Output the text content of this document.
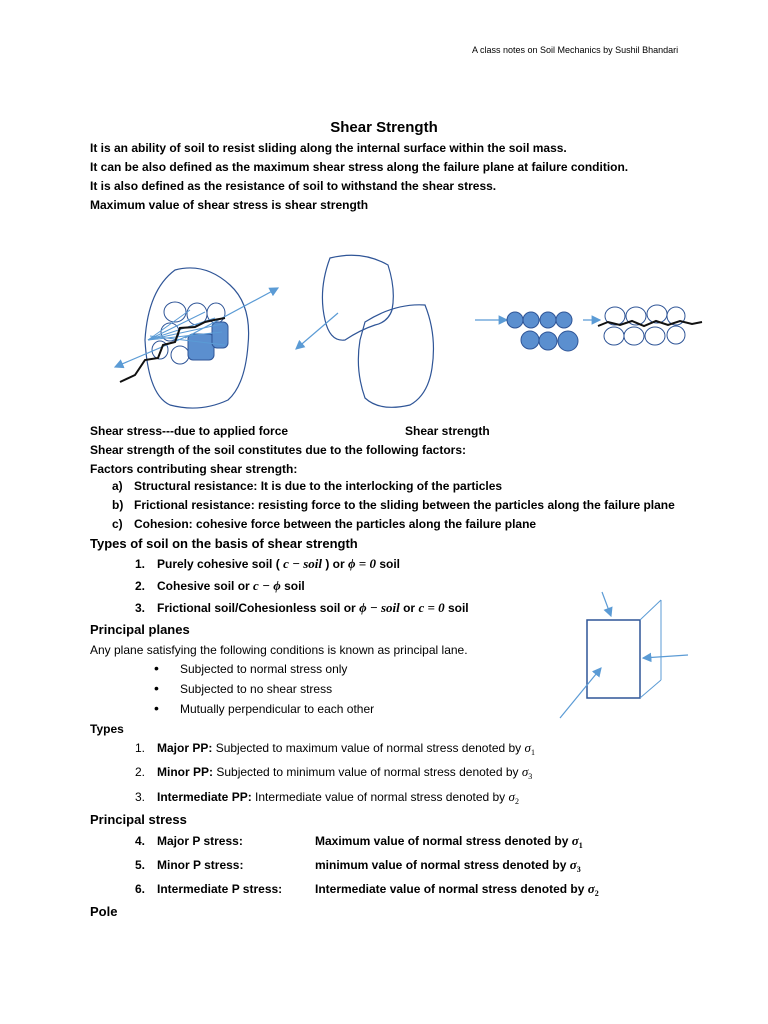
A class notes on Soil Mechanics by Sushil Bhandari
Shear Strength
It is an ability of soil to resist sliding along the internal surface within the soil mass.
It can be also defined as the maximum shear stress along the failure plane at failure condition.
It is also defined as the resistance of soil to withstand the shear stress.
Maximum value of shear stress is shear strength
Shear stress---due to applied force	Shear strength
Shear strength of the soil constitutes due to the following factors:
Factors contributing shear strength:
a) Structural resistance: It is due to the interlocking of the particles
b) Frictional resistance: resisting force to the sliding between the particles along the failure plane
c) Cohesion: cohesive force between the particles along the failure plane
Types of soil on the basis of shear strength
1. Purely cohesive soil ( c − soil ) or ϕ = 0 soil
2. Cohesive soil or c − ϕ soil
3. Frictional soil/Cohesionless soil or ϕ − soil or c = 0 soil
Principal planes
Any plane satisfying the following conditions is known as principal lane.
• Subjected to normal stress only
• Subjected to no shear stress
• Mutually perpendicular to each other
Types
1. Major PP: Subjected to maximum value of normal stress denoted by $\sigma_1$
2. Minor PP: Subjected to minimum value of normal stress denoted by $\sigma_3$
3. Intermediate PP: Intermediate value of normal stress denoted by $\sigma_2$
Principal stress
4. Major P stress:	Maximum value of normal stress denoted by $\sigma_1$
5. Minor P stress:	minimum value of normal stress denoted by $\sigma_3$
6. Intermediate P stress:	Intermediate value of normal stress denoted by $\sigma_2$
Pole
